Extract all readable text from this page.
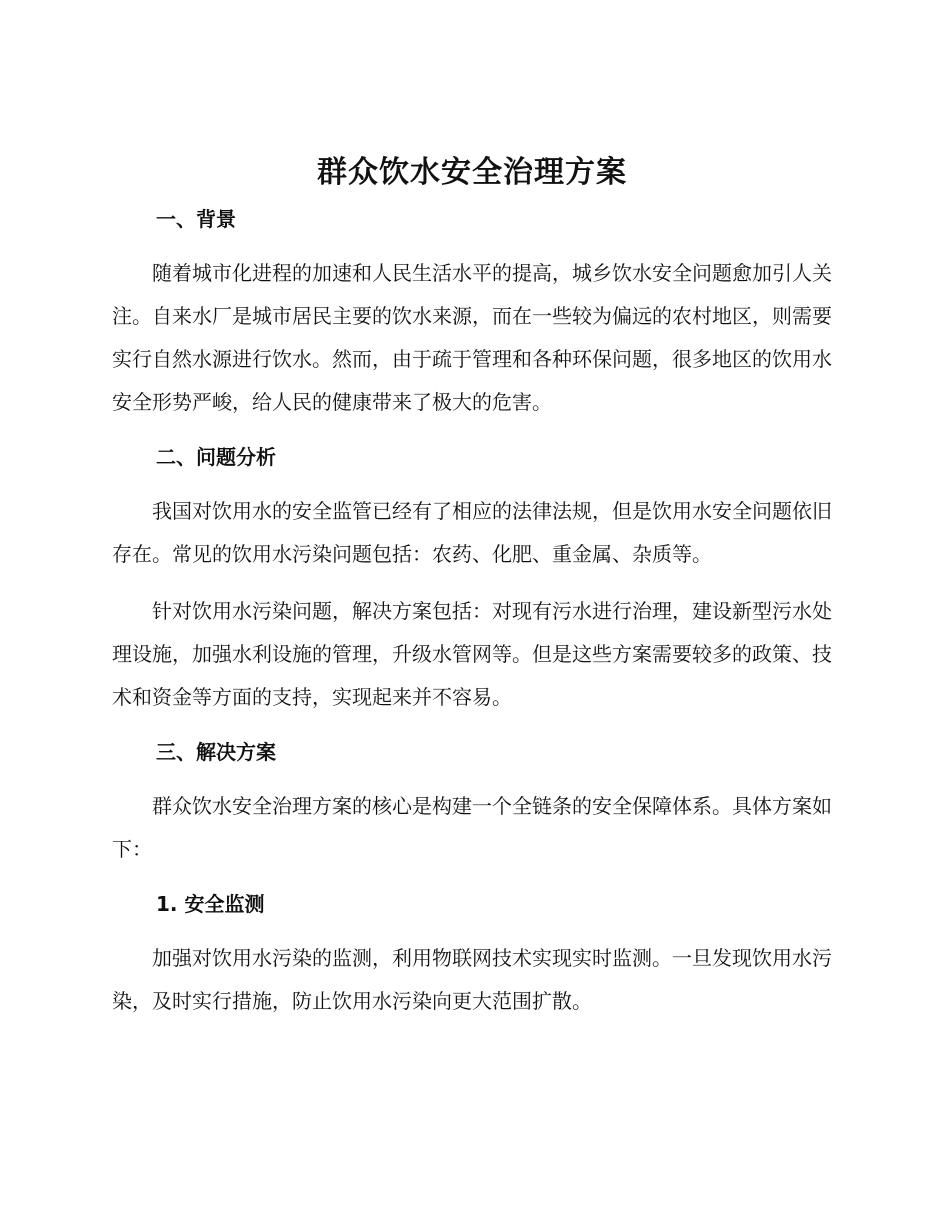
群众饮水安全治理方案
一、背景

随着城市化进程的加速和人民生活水平的提高，城乡饮水安全问题愈加引人关注。自来水厂是城市居民主要的饮水来源，而在一些较为偏远的农村地区，则需要实行自然水源进行饮水。然而，由于疏于管理和各种环保问题，很多地区的饮用水安全形势严峻，给人民的健康带来了极大的危害。

二、问题分析

我国对饮用水的安全监管已经有了相应的法律法规，但是饮用水安全问题依旧存在。常见的饮用水污染问题包括：农药、化肥、重金属、杂质等。

针对饮用水污染问题，解决方案包括：对现有污水进行治理，建设新型污水处理设施，加强水利设施的管理，升级水管网等。但是这些方案需要较多的政策、技术和资金等方面的支持，实现起来并不容易。

三、解决方案

群众饮水安全治理方案的核心是构建一个全链条的安全保障体系。具体方案如下：

1. 安全监测

加强对饮用水污染的监测，利用物联网技术实现实时监测。一旦发现饮用水污染，及时实行措施，防止饮用水污染向更大范围扩散。
